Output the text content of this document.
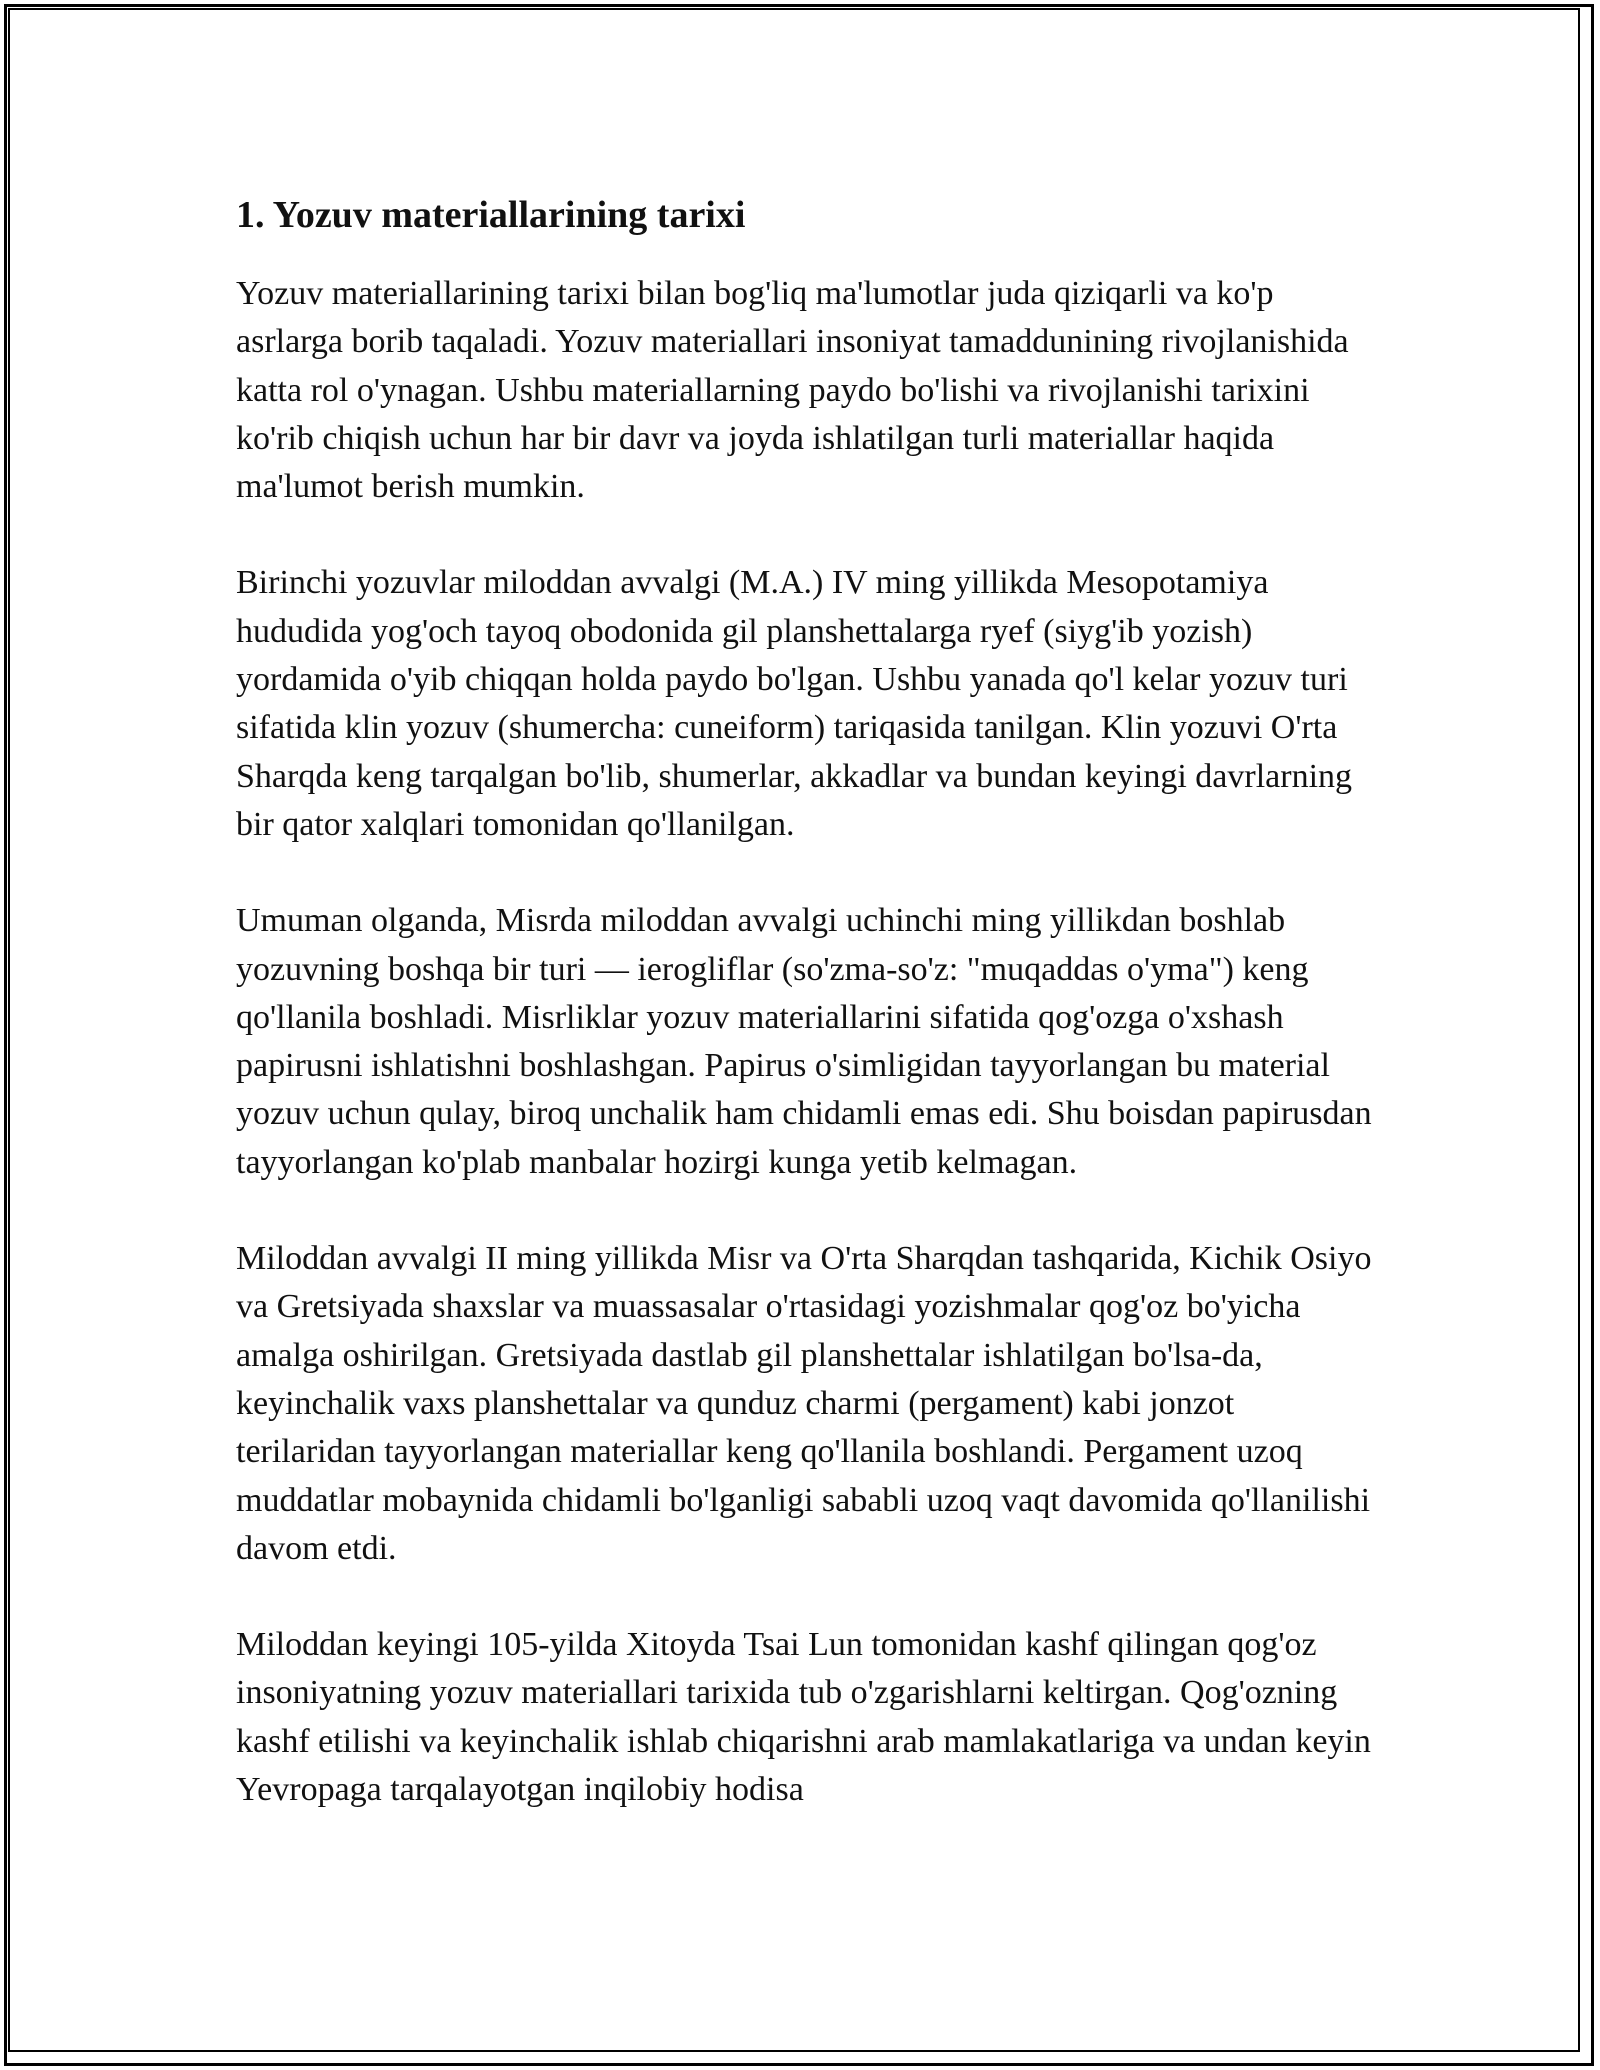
1. Yozuv materiallarining tarixi

Yozuv materiallarining tarixi bilan bog'liq ma'lumotlar juda qiziqarli va ko'p asrlarga borib taqaladi. Yozuv materiallari insoniyat tamaddunining rivojlanishida katta rol o'ynagan. Ushbu materiallarning paydo bo'lishi va rivojlanishi tarixini ko'rib chiqish uchun har bir davr va joyda ishlatilgan turli materiallar haqida ma'lumot berish mumkin.

Birinchi yozuvlar miloddan avvalgi (M.A.) IV ming yillikda Mesopotamiya hududida yog'och tayoq obodonida gil planshettalarga ryef (siyg'ib yozish) yordamida o'yib chiqqan holda paydo bo'lgan. Ushbu yanada qo'l kelar yozuv turi sifatida klin yozuv (shumercha: cuneiform) tariqasida tanilgan. Klin yozuvi O'rta Sharqda keng tarqalgan bo'lib, shumerlar, akkadlar va bundan keyingi davrlarning bir qator xalqlari tomonidan qo'llanilgan.

Umuman olganda, Misrda miloddan avvalgi uchinchi ming yillikdan boshlab yozuvning boshqa bir turi — ierogliflar (so'zma-so'z: "muqaddas o'yma") keng qo'llanila boshladi. Misrliklar yozuv materiallarini sifatida qog'ozga o'xshash papirusni ishlatishni boshlashgan. Papirus o'simligidan tayyorlangan bu material yozuv uchun qulay, biroq unchalik ham chidamli emas edi. Shu boisdan papirusdan tayyorlangan ko'plab manbalar hozirgi kunga yetib kelmagan.

Miloddan avvalgi II ming yillikda Misr va O'rta Sharqdan tashqarida, Kichik Osiyo va Gretsiyada shaxslar va muassasalar o'rtasidagi yozishmalar qog'oz bo'yicha amalga oshirilgan. Gretsiyada dastlab gil planshettalar ishlatilgan bo'lsa-da, keyinchalik vaxs planshettalar va qunduz charmi (pergament) kabi jonzot terilaridan tayyorlangan materiallar keng qo'llanila boshlandi. Pergament uzoq muddatlar mobaynida chidamli bo'lganligi sababli uzoq vaqt davomida qo'llanilishi davom etdi.

Miloddan keyingi 105-yilda Xitoyda Tsai Lun tomonidan kashf qilingan qog'oz insoniyatning yozuv materiallari tarixida tub o'zgarishlarni keltirgan. Qog'ozning kashf etilishi va keyinchalik ishlab chiqarishni arab mamlakatlariga va undan keyin Yevropaga tarqalayotgan inqilobiy hodisa
